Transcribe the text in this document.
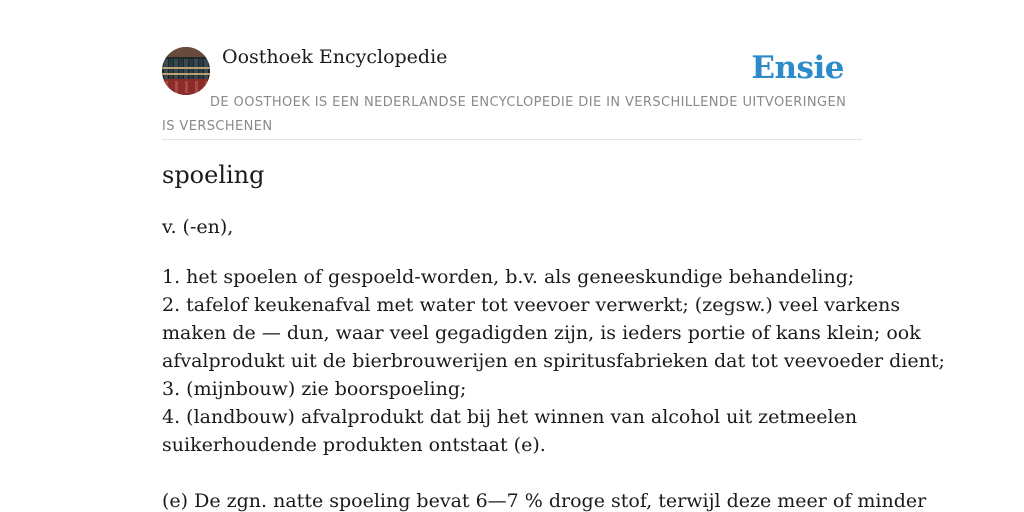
Oosthoek Encyclopedie	Ensie
DE OOSTHOEK IS EEN NEDERLANDSE ENCYCLOPEDIE DIE IN VERSCHILLENDE UITVOERINGEN IS VERSCHENEN
spoeling
v. (-en),
1. het spoelen of gespoeld-worden, b.v. als geneeskundige behandeling;
2. tafelof keukenafval met water tot veevoer verwerkt; (zegsw.) veel varkens
maken de — dun, waar veel gegadigden zijn, is ieders portie of kans klein; ook
afvalprodukt uit de bierbrouwerijen en spiritusfabrieken dat tot veevoeder dient;
3. (mijnbouw) zie boorspoeling;
4. (landbouw) afvalprodukt dat bij het winnen van alcohol uit zetmeelen
suikerhoudende produkten ontstaat (e).
(e) De zgn. natte spoeling bevat 6—7 % droge stof, terwijl deze meer of minder
